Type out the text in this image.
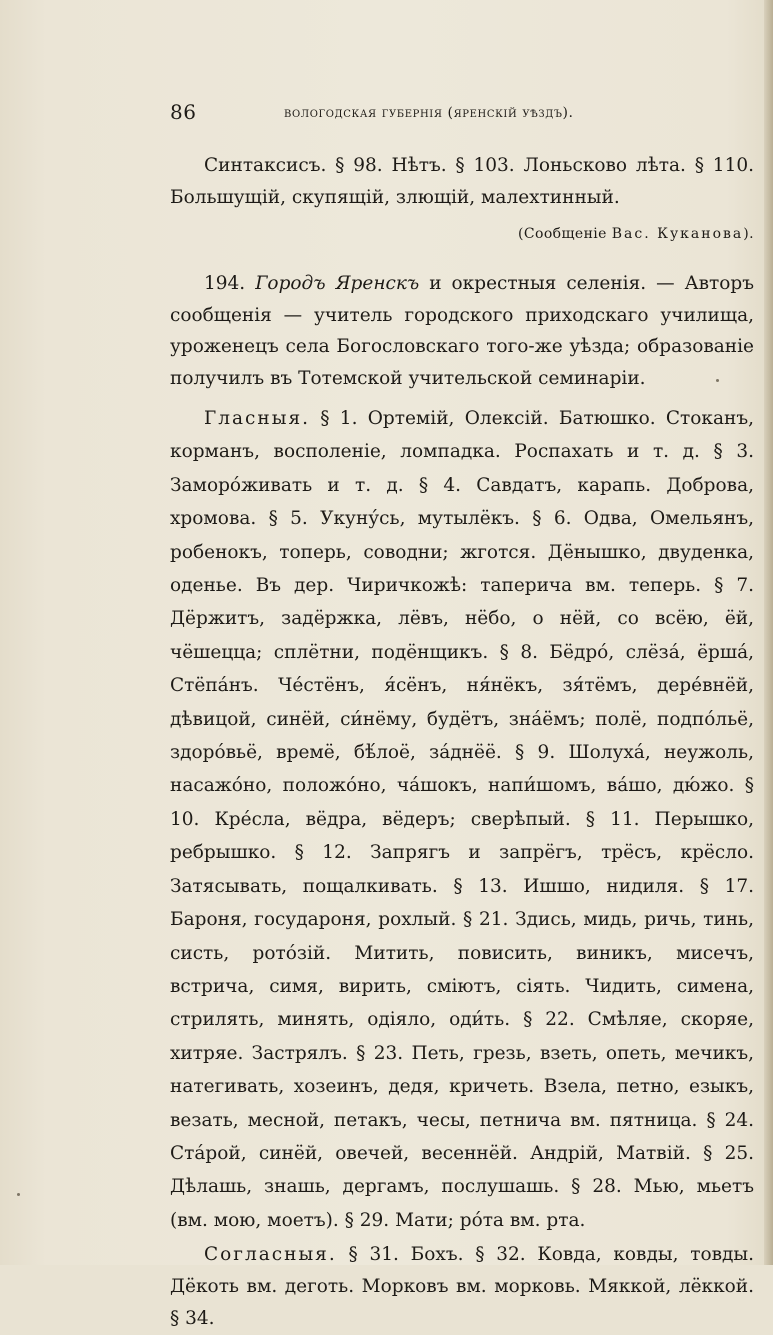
86	вологодская губернія (яренскій уѣздъ).

Синтаксисъ. § 98. Нѣтъ. § 103. Лоньсково лѣта. § 110. Большущій, скупящій, злющій, малехтинный.

(Сообщеніе Вас. Куканова).

194. Городъ Яренскъ и окрестныя селенія. — Авторъ сообщенія — учитель городского приходскаго училища, уроженецъ села Богословскаго того-же уѣзда; образованіе получилъ въ Тотемской учительской семинаріи.

Гласныя. § 1. Ортемій, Олексій. Батюшко. Стоканъ, корманъ, восполеніе, ломпадка. Роспахать и т. д. § 3. Заморо́живать и т. д. § 4. Савдатъ, карапь. Доброва, хромова. § 5. Укуну́сь, мутылёкъ. § 6. Одва, Омельянъ, робенокъ, топерь, соводни; жготся. Дёнышко, двуденка, оденье. Въ дер. Чиричкожѣ: таперича вм. теперь. § 7. Дёржитъ, задёржка, лёвъ, нёбо, о нёй, со всёю, ёй, чёшецца; сплётни, подёнщикъ. § 8. Бёдро́, слёза́, ёрша́, Стёпа́нъ. Че́стёнъ, я́сёнъ, ня́нёкъ, зя́тёмъ, дере́внёй, дѣвицой, синёй, си́нёму, будётъ, зна́ёмъ; полё, подпо́льё, здоро́вьё, времё, бѣ́лоё, за́днёё. § 9. Шолуха́, неужоль, насажо́но, положо́но, ча́шокъ, напи́шомъ, ва́шо, дю́жо. § 10. Кре́сла, вёдра, вёдеръ; сверѣпый. § 11. Перышко, ребрышко. § 12. Запрягъ и запрёгъ, трёсъ, крёсло. Затясывать, пощалкивать. § 13. Ишшо, нидиля. § 17. Бароня, государоня, рохлый. § 21. Здись, мидь, ричь, тинь, систь, рото́зій. Митить, повисить, виникъ, мисечъ, встрича, симя, вирить, сміютъ, сіять. Чидить, симена, стрилять, минять, одіяло, оди́ть. § 22. Смѣляе, скоряе, хитряе. Застрялъ. § 23. Петь, грезь, взеть, опеть, мечикъ, натегивать, хозеинъ, дедя, кричеть. Взела, петно, езыкъ, везать, месной, петакъ, чесы, петнича вм. пятница. § 24. Ста́рой, синёй, овечей, весеннёй. Андрій, Матвій. § 25. Дѣлашь, знашь, дергамъ, послушашь. § 28. Мью, мьетъ (вм. мою, моетъ). § 29. Мати; ро́та вм. рта.

Согласныя. § 31. Бохъ. § 32. Ковда, ковды, товды. Дёкоть вм. деготь. Морковъ вм. морковь. Мяккой, лёккой. § 34.
